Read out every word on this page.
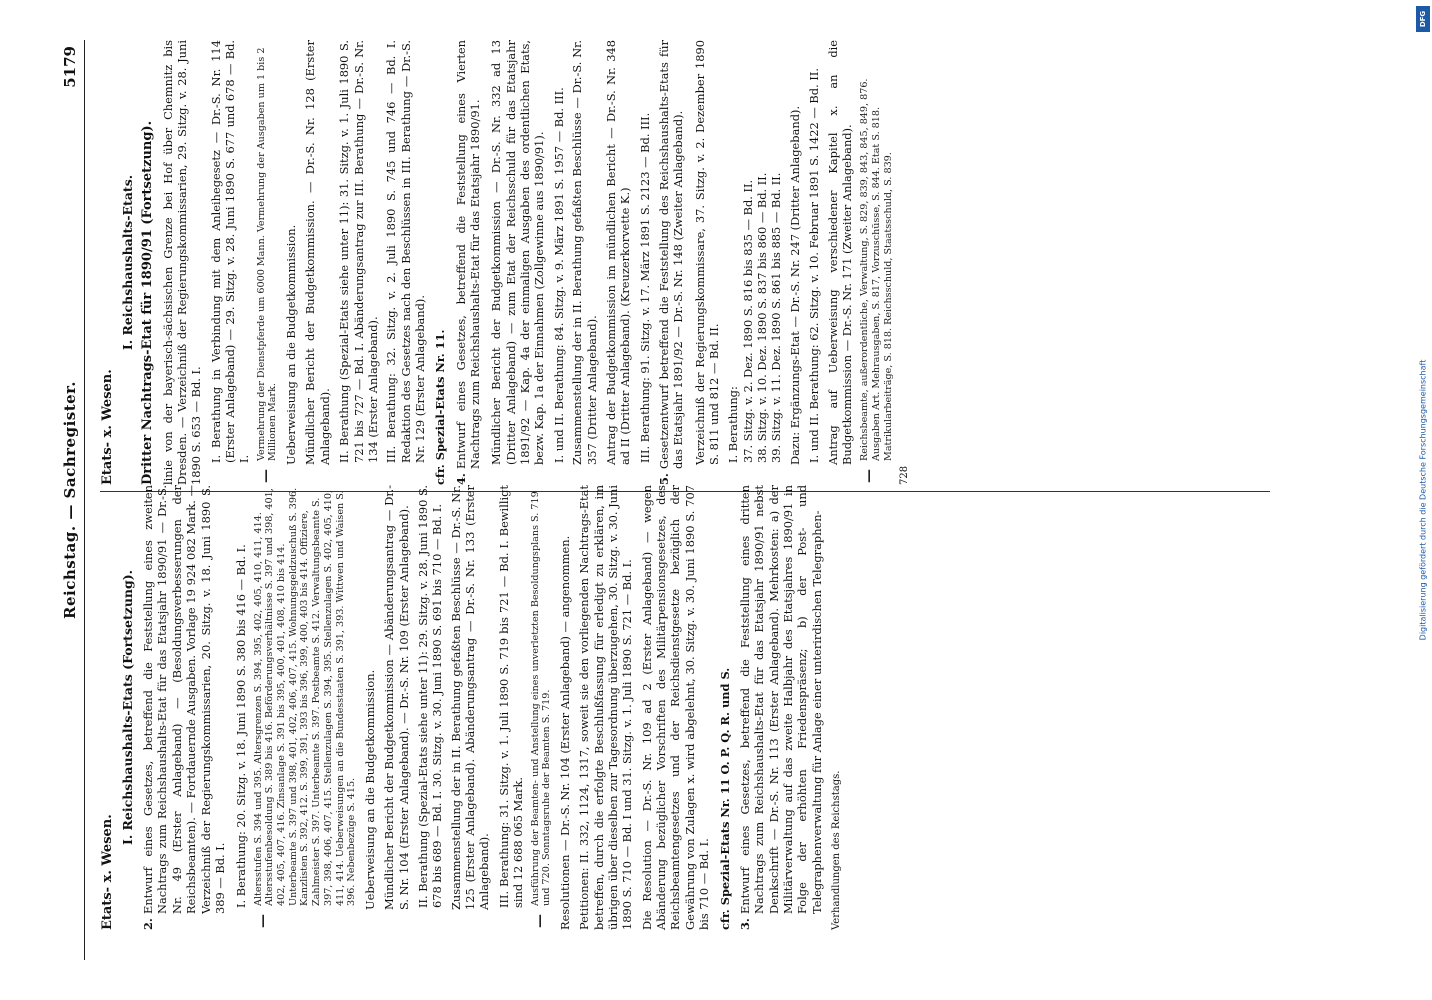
Reichstag. — Sachregister.
5179
Etats- x. Wesen.
I. Reichshaushalts-Etats (Fortsetzung).
2.
Entwurf eines Gesetzes, betreffend die Feststellung eines zweiten Nachtrags zum Reichshaushalts-Etat für das Etatsjahr 1890/91 — Dr.-S. Nr. 49 (Erster Anlageband) — (Besoldungsverbesserungen der Reichsbeamten). — Fortdauernde Ausgaben. Vorlage 19 924 082 Mark. — Verzeichniß der Regierungskommissarien, 20. Sitzg. v. 18. Juni 1890 S. 389 — Bd. I. I. Berathung: 20. Sitzg. v. 18. Juni 1890 S. 380 bis 416 — Bd. I.
—
Altersstufen S. 394 und 395. Altersgrenzen S. 394, 395, 402, 405, 410, 411, 414. Altersstufenbesoldung S. 389 bis 416. Beförderungsverhältnisse S. 397 und 398, 401, 402, 405, 407, 416. Zinsanlage S. 391 bis 395, 400, 401, 408, 410 bis 414. Unterbeamte S. 397 und 398, 401, 402, 406, 407, 415. Wohnungsgeldzuschuß S. 396. Kanzlisten S. 392, 412. S. 399, 391, 393 bis 396, 399, 400, 403 bis 414. Offiziere, Zahlmeister S. 397. Unterbeamte S. 397. Postbeamte S. 412. Verwaltungsbeamte S. 397, 398, 406, 407, 415. Stellenzulagen S. 394, 395. Stellenzulagen S. 402, 405, 410, 411, 414. Ueberweisungen an die Bundesstaaten S. 391, 393. Wittwen und Waisen S. 396. Nebenbezüge S. 415. Ueberweisung an die Budgetkommission. Mündlicher Bericht der Budgetkommission — Abänderungsantrag — Dr.-S. Nr. 104 (Erster Anlageband). — Dr.-S. Nr. 109 (Erster Anlageband). II. Berathung (Spezial-Etats siehe unter 11): 29. Sitzg. v. 28. Juni 1890 S. 678 bis 689 — Bd. I. 30. Sitzg. v. 30. Juni 1890 S. 691 bis 710 — Bd. I. Zusammenstellung der in II. Berathung gefaßten Beschlüsse — Dr.-S. Nr. 125 (Erster Anlageband). Abänderungsantrag — Dr.-S. Nr. 133 (Erster Anlageband). III. Berathung: 31. Sitzg. v. 1. Juli 1890 S. 719 bis 721 — Bd. I. Bewilligt sind 12 688 065 Mark.
—
Ausführung der Beamten- und Anstellung eines unverletzten Besoldungsplans S. 719 und 720. Sonntagsruhe der Beamten S. 719. Resolutionen — Dr.-S. Nr. 104 (Erster Anlageband) — angenommen. Petitionen: II. 332, 1124, 1317, soweit sie den vorliegenden Nachtrags-Etat betreffen, durch die erfolgte Beschlußfassung für erledigt zu erklären, im übrigen über dieselben zur Tagesordnung überzugehen, 30. Sitzg. v. 30. Juni 1890 S. 710 — Bd. I und 31. Sitzg. v. 1. Juli 1890 S. 721 — Bd. I. Die Resolution — Dr.-S. Nr. 109 ad 2 (Erster Anlageband) — wegen Abänderung bezüglicher Vorschriften des Militärpensionsgesetzes, des Reichsbeamtengesetzes und der Reichsdienstgesetze bezüglich der Gewährung von Zulagen x. wird abgelehnt, 30. Sitzg. v. 30. Juni 1890 S. 707 bis 710 — Bd. I. cfr. Spezial-Etats Nr. 11 O. P. Q. R. und S. 3.
Entwurf eines Gesetzes, betreffend die Feststellung eines dritten Nachtrags zum Reichshaushalts-Etat für das Etatsjahr 1890/91 nebst Denkschrift — Dr.-S. Nr. 113 (Erster Anlageband). Mehrkosten: a) der Militärverwaltung auf das zweite Halbjahr des Etatsjahres 1890/91 in Folge der erhöhten Friedenspräsenz; b) der Post- und Telegraphenverwaltung für Anlage einer unterirdischen Telegraphen- Verhandlungen des Reichstags.
Etats- x. Wesen.
I. Reichshaushalts-Etats. Dritter Nachtrags-Etat für 1890/91 (Fortsetzung). linie von der bayerisch-sächsischen Grenze bei Hof über Chemnitz bis Dresden. — Verzeichniß der Regierungskommissarien, 29. Sitzg. v. 28. Juni 1890 S. 653 — Bd. I. I. Berathung in Verbindung mit dem Anleihegesetz — Dr.-S. Nr. 114 (Erster Anlageband) — 29. Sitzg. v. 28. Juni 1890 S. 677 und 678 — Bd. I.
—
Vermehrung der Dienstpferde um 6000 Mann. Vermehrung der Ausgaben um 1 bis 2 Millionen Mark. Ueberweisung an die Budgetkommission. Mündlicher Bericht der Budgetkommission. — Dr.-S. Nr. 128 (Erster Anlageband). II. Berathung (Spezial-Etats siehe unter 11): 31. Sitzg. v. 1. Juli 1890 S. 721 bis 727 — Bd. I. Abänderungsantrag zur III. Berathung — Dr.-S. Nr. 134 (Erster Anlageband). III. Berathung: 32. Sitzg. v. 2. Juli 1890 S. 745 und 746 — Bd. I. Redaktion des Gesetzes nach den Beschlüssen in III. Berathung — Dr.-S. Nr. 129 (Erster Anlageband). cfr. Spezial-Etats Nr. 11. 4.
Entwurf eines Gesetzes, betreffend die Feststellung eines Vierten Nachtrags zum Reichshaushalts-Etat für das Etatsjahr 1890/91. Mündlicher Bericht der Budgetkommission — Dr.-S. Nr. 332 ad 13 (Dritter Anlageband) — zum Etat der Reichsschuld für das Etatsjahr 1891/92 — Kap. 4a der einmaligen Ausgaben des ordentlichen Etats, bezw. Kap. 1a der Einnahmen (Zollgewinne aus 1890/91). I. und II. Berathung: 84. Sitzg. v. 9. März 1891 S. 1957 — Bd. III. Zusammenstellung der in II. Berathung gefaßten Beschlüsse — Dr.-S. Nr. 357 (Dritter Anlageband). Antrag der Budgetkommission im mündlichen Bericht — Dr.-S. Nr. 348 ad II (Dritter Anlageband). (Kreuzerkorvette K.) III. Berathung: 91. Sitzg. v. 17. März 1891 S. 2123 — Bd. III.
5.
Gesetzentwurf betreffend die Feststellung des Reichshaushalts-Etats für das Etatsjahr 1891/92 — Dr.-S. Nr. 148 (Zweiter Anlageband). Verzeichniß der Regierungskommissare, 37. Sitzg. v. 2. Dezember 1890 S. 811 und 812 — Bd. II. I. Berathung: 37. Sitzg. v. 2. Dez. 1890 S. 816 bis 835 — Bd. II. 38. Sitzg. v. 10. Dez. 1890 S. 837 bis 860 — Bd. II. 39. Sitzg. v. 11. Dez. 1890 S. 861 bis 885 — Bd. II. Dazu: Ergänzungs-Etat — Dr.-S. Nr. 247 (Dritter Anlageband). I. und II. Berathung: 62. Sitzg. v. 10. Februar 1891 S. 1422 — Bd. II. Antrag auf Ueberweisung verschiedener Kapitel x. an die Budgetkommission — Dr.-S. Nr. 171 (Zweiter Anlageband).
—
Reichsbeamte, außerordentliche, Verwaltung, S. 829, 839, 843, 845, 849, 876. Ausgaben Art. Mehrausgaben, S. 817, Vorzuschüsse, S. 844. Etat S. 818. Matrikularbeiträge, S. 818. Reichsschuld, Staatsschuld, S. 839.
728
DFG
Digitalisierung gefördert durch die Deutsche Forschungsgemeinschaft
